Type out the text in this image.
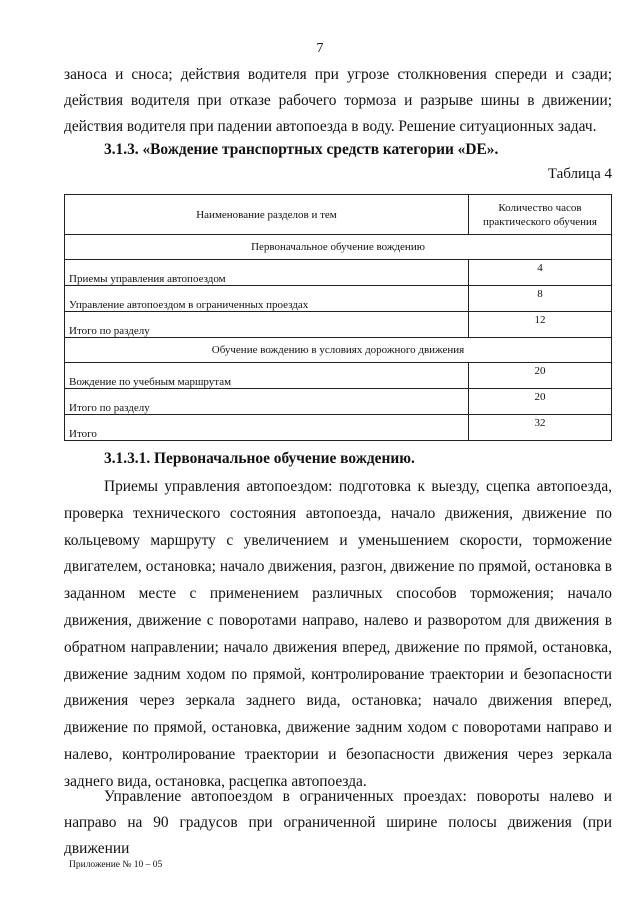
7

заноса и сноса; действия водителя при угрозе столкновения спереди и сзади; действия водителя при отказе рабочего тормоза и разрыве шины в движении; действия водителя при падении автопоезда в воду. Решение ситуационных задач.

3.1.3. «Вождение транспортных средств категории «DE».
Таблица 4
Наименование разделов и тем	Количество часов практического обучения
Первоначальное обучение вождению	
Приемы управления автопоездом	4
Управление автопоездом в ограниченных проездах	8
Итого по разделу	12
Обучение вождению в условиях дорожного движения	
Вождение по учебным маршрутам	20
Итого по разделу	20
Итого	32
3.1.3.1. Первоначальное обучение вождению.

Приемы управления автопоездом: подготовка к выезду, сцепка автопоезда, проверка технического состояния автопоезда, начало движения, движение по кольцевому маршруту с увеличением и уменьшением скорости, торможение двигателем, остановка; начало движения, разгон, движение по прямой, остановка в заданном месте с применением различных способов торможения; начало движения, движение с поворотами направо, налево и разворотом для движения в обратном направлении; начало движения вперед, движение по прямой, остановка, движение задним ходом по прямой, контролирование траектории и безопасности движения через зеркала заднего вида, остановка; начало движения вперед, движение по прямой, остановка, движение задним ходом с поворотами направо и налево, контролирование траектории и безопасности движения через зеркала заднего вида, остановка, расцепка автопоезда.

Управление автопоездом в ограниченных проездах: повороты налево и направо на 90 градусов при ограниченной ширине полосы движения (при движении

Приложение № 10 – 05
